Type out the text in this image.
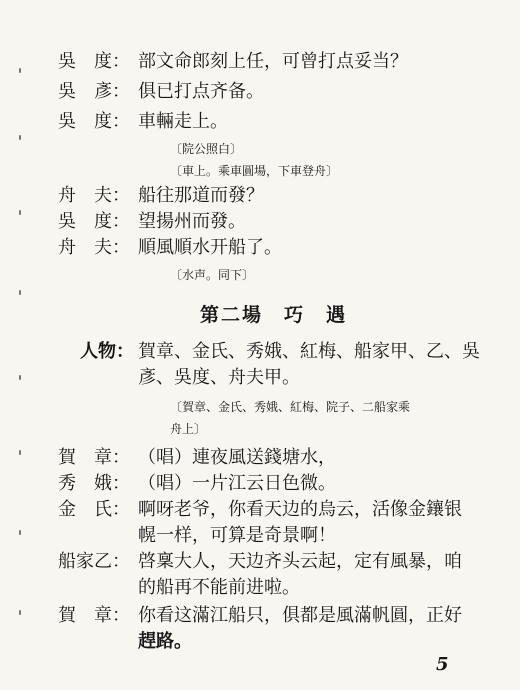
吳　度： 部文命郎刻上任，可曾打点妥当？
吳　彥： 俱已打点齐备。
吳　度： 車輛走上。
〔院公照白〕
〔車上。乘車圓場，下車登舟〕
舟　夫： 船往那道而發？
吳　度： 望揚州而發。
舟　夫： 順風順水开船了。
〔水声。同下〕
第二場　巧　遇
人物： 賀章、金氏、秀娥、紅梅、船家甲、乙、吳
彥、吳度、舟夫甲。
〔賀章、金氏、秀娥、紅梅、院子、二船家乘
舟上〕
賀　章： （唱）連夜風送錢塘水，
秀　娥： （唱）一片江云日色微。
金　氏： 啊呀老爷，你看天边的烏云，活像金鑲银
幌一样，可算是奇景啊！
船家乙： 啓稟大人，天边齐头云起，定有風暴，咱
的船再不能前进啦。
賀　章： 你看这滿江船只，俱都是風滿帆圓，正好
趕路。
5
